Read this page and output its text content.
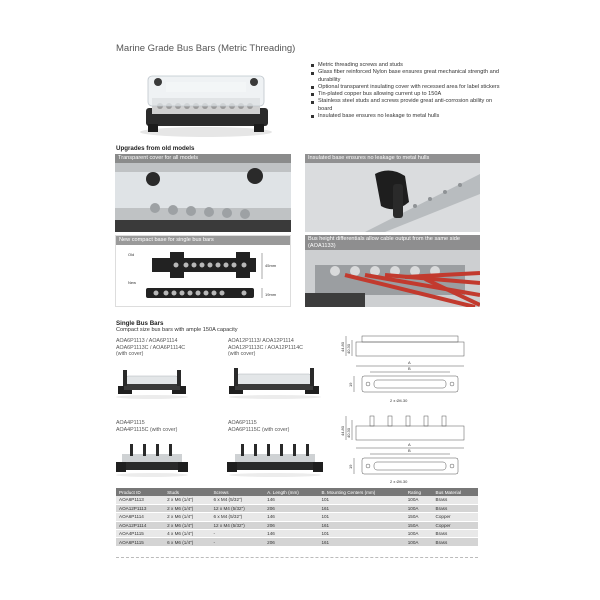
Marine Grade Bus Bars (Metric Threading)
Metric threading screws and studs
Glass fiber reinforced Nylon base ensures great mechanical strength and durability
Optional transparent insulating cover with recessed area for label stickers
Tin-plated copper bus allowing current up to 150A
Stainless steel studs and screws provide great anti-corrosion ability on board
Insulated base ensures no leakage to metal hulls
Upgrades from old models
Transparent cover for all models	Insulated base ensures no leakage to metal hulls
Old
New
45mm
19mm
New compact base for single bus bars	Bus height differentials allow cable output from the same side (AOA1133)
Single Bus Bars
Compact size bus bars with ample 150A capacity
AOA6P1113 / AOA6P1114
AOA6P1113C / AOA6P1114C
(with cover)
AOA12P1113/ AOA12P1114
AOA12P1113C / AOA12P1114C
(with cover)
AOA4P1115
AOA4P1115C (with cover)
AOA6P1115
AOA6P1115C (with cover)
44.80 40.30
A
B
19
2 x Ø4.30
44.80 40.30
A
B
19
2 x Ø4.30
Product ID	Studs	Screws	A. Length (mm)	B. Mounting Centers (mm)	Rating	Bus Material
AOA6P1113	2 x M6 (1/4")	6 x M4 (5/32")	146	101	100A	Brass
AOA12P1113	2 x M6 (1/4")	12 x M4 (5/32")	206	161	100A	Brass
AOA6P1114	2 x M6 (1/4")	6 x M4 (5/32")	146	101	150A	Copper
AOA12P1114	2 x M6 (1/4")	12 x M4 (5/32")	206	161	150A	Copper
AOA4P1115	4 x M6 (1/4")	-	146	101	100A	Brass
AOA6P1115	6 x M6 (1/4")	-	206	161	100A	Brass
